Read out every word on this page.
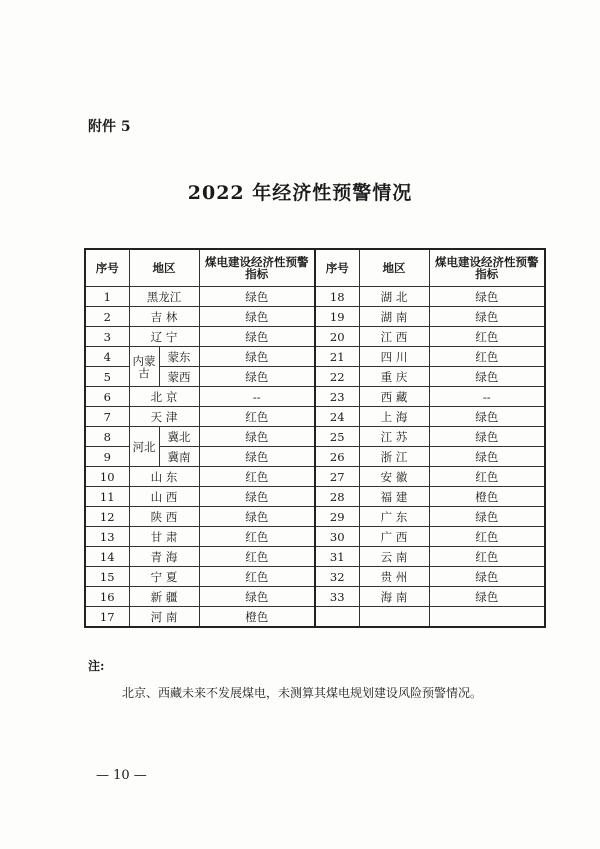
附件 5
2022 年经济性预警情况
序号	地区		煤电建设经济性预警指标	序号	地区	煤电建设经济性预警指标
1	黑龙江		绿色	18	湖 北	绿色
2	吉 林		绿色	19	湖 南	绿色
3	辽 宁		绿色	20	江 西	红色
4	内蒙古	蒙东	绿色	21	四 川	红色
5		蒙西	绿色	22	重 庆	绿色
6	北 京		--	23	西 藏	--
7	天 津		红色	24	上 海	绿色
8	河北	冀北	绿色	25	江 苏	绿色
9		冀南	绿色	26	浙 江	绿色
10	山 东		红色	27	安 徽	红色
11	山 西		绿色	28	福 建	橙色
12	陕 西		绿色	29	广 东	绿色
13	甘 肃		红色	30	广 西	红色
14	青 海		红色	31	云 南	红色
15	宁 夏		红色	32	贵 州	绿色
16	新 疆		绿色	33	海 南	绿色
17	河 南		橙色			
注:
北京、西藏未来不发展煤电，未测算其煤电规划建设风险预警情况。
— 10 —
